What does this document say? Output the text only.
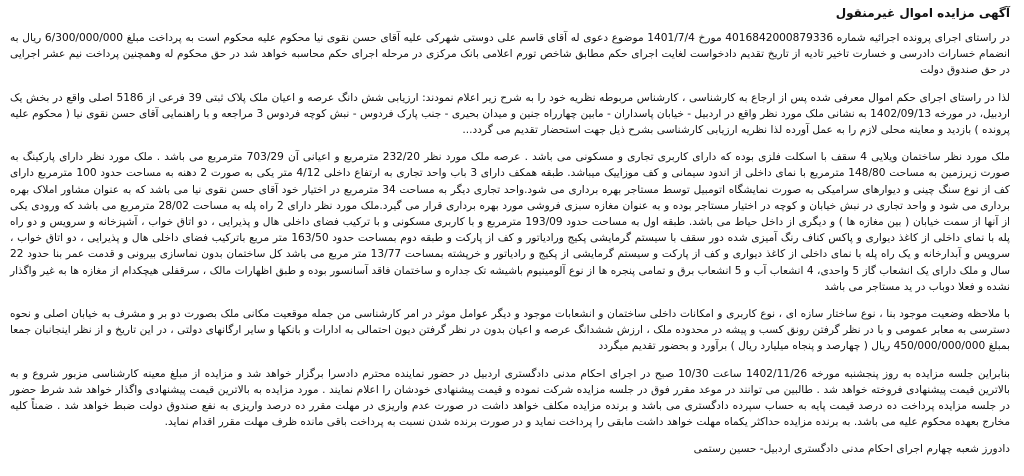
آگهی مزایده اموال غیرمنقول
در راستای اجرای پرونده اجرائیه شماره 4016842000879336 مورخ 1401/7/4 موضوع دعوی له آقای قاسم علی دوستی شهرکی علیه آقای حسن نقوی نیا محکوم علیه محکوم است به پرداخت مبلغ 6/300/000/000 ریال به انضمام خسارات دادرسی و خسارت تاخیر تادیه از تاریخ تقدیم دادخواست لغایت اجرای حکم مطابق شاخص تورم اعلامی بانک مرکزی در مرحله اجرای حکم محاسبه خواهد شد در حق محکوم له وهمچنین پرداخت نیم عشر اجرایی در حق صندوق دولت
لذا در راستای اجرای حکم اموال معرفی شده پس از ارجاع به کارشناسی ، کارشناس مربوطه نظریه خود را به شرح زیر اعلام نمودند: ارزیابی شش دانگ عرصه و اعیان ملک پلاک ثبتی 39 فرعی از 5186 اصلی واقع در بخش یک اردبیل، در مورخه 1402/09/13 به نشانی ملک مورد نظر واقع در اردبیل - خیابان پاسداران - مابین چهارراه جنین و میدان بحیری - جنب پارک فردوس - نبش کوچه فردوس 3 مراجعه و با راهنمایی آقای حسن نقوی نیا ( محکوم علیه پرونده ) بازدید و معاینه محلی لازم را به عمل آورده لذا نظریه ارزیابی کارشناسی بشرح ذیل جهت استحضار تقدیم می گردد...
ملک مورد نظر ساختمان ویلایی 4 سقف با اسکلت فلزی بوده که دارای کاربری تجاری و مسکونی می باشد . عرصه ملک مورد نظر 232/20 مترمربع و اعیانی آن 703/29 مترمربع می باشد . ملک مورد نظر دارای پارکینگ به صورت زیرزمین به مساحت 148/80 مترمربع با نمای داخلی از اندود سیمانی و کف موزاییک میباشد. طبقه همکف دارای 3 باب واحد تجاری به ارتفاع داخلی 4/12 متر یکی به صورت 2 دهنه به مساحت حدود 100 مترمربع دارای کف از نوع سنگ چینی و دیوارهای سرامیکی به صورت نمایشگاه اتومبیل توسط مستاجر بهره برداری می شود.واحد تجاری دیگر به مساحت 34 مترمربع در اختیار خود آقای حسن نقوی نیا می باشد که به عنوان مشاور املاک بهره برداری می شود و واحد تجاری در نبش خیابان و کوچه در اختیار مستاجر بوده و به عنوان مغازه سبزی فروشی مورد بهره برداری قرار می گیرد.ملک مورد نظر دارای 2 راه پله به مساحت 28/02 مترمربع می باشد که ورودی یکی از آنها از سمت خیابان ( بین مغازه ها ) و دیگری از داخل حیاط می باشد. طبقه اول به مساحت حدود 193/09 مترمربع و با کاربری مسکونی و با ترکیب فضای داخلی هال و پذیرایی ، دو اتاق خواب ، آشپزخانه و سرویس و دو راه پله با نمای داخلی از کاغذ دیواری و پاکس کناف رنگ آمیزی شده دور سقف با سیستم گرمایشی پکیج ورادیاتور و کف از پارکت و طبقه دوم بمساحت حدود 163/50 متر مربع باترکیب فضای داخلی هال و پذیرایی ، دو اتاق خواب ، سرویس و آبدارخانه و یک راه پله با نمای داخلی از کاغذ دیواری و کف از پارکت و سیستم گرمایشی از پکیج و رادیاتور و خرپشته بمساحت 13/77 متر مربع می باشد کل ساختمان بدون نماسازی بیرونی و قدمت عمر بنا حدود 22 سال و ملک دارای یک انشعاب گاز 5 واحدی، 4 انشعاب آب و 5 انشعاب برق و تمامی پنجره ها از نوع آلومینیوم باشیشه تک جداره و ساختمان فاقد آسانسور بوده و طبق اظهارات مالک ، سرقفلی هیچکدام از مغازه ها به غیر واگذار نشده و فعلا دوباب در ید مستاجر می باشد
با ملاحظه وضعیت موجود بنا ، نوع ساختار سازه ای ، نوع کاربری و امکانات داخلی ساختمان و انشعابات موجود و دیگر عوامل موثر در امر کارشناسی من جمله موقعیت مکانی ملک بصورت دو بر و مشرف به خیابان اصلی و نحوه دسترسی به معابر عمومی و با در نظر گرفتن رونق کسب و پیشه در محدوده ملک ، ارزش ششدانگ عرصه و اعیان بدون در نظر گرفتن دیون احتمالی به ادارات و بانکها و سایر ارگانهای دولتی ، در این تاریخ و از نظر اینجانبان جمعا بمبلغ 450/000/000/000 ریال ( چهارصد و پنجاه میلیارد ریال ) برآورد و بحضور تقدیم میگردد
بنابراین جلسه مزایده به روز پنجشنبه مورخه 1402/11/26 ساعت 10/30 صبح در اجرای احکام مدنی دادگستری اردبیل در حضور نماینده محترم دادسرا برگزار خواهد شد و مزایده از مبلغ معینه کارشناسی مزبور شروع و به بالاترین قیمت پیشنهادی فروخته خواهد شد . طالبین می توانند در موعد مقرر فوق در جلسه مزایده شرکت نموده و قیمت پیشنهادی خودشان را اعلام نمایند . مورد مزایده به بالاترین قیمت پیشنهادی واگذار خواهد شد شرط حضور در جلسه مزایده پرداخت ده درصد قیمت پایه به حساب سپرده دادگستری می باشد و برنده مزایده مکلف خواهد داشت در صورت عدم واریزی در مهلت مقرر ده درصد واریزی به نفع صندوق دولت ضبط خواهد شد . ضمناً کلیه مخارج بعهده محکوم علیه می باشد. به برنده مزایده حداکثر یکماه مهلت خواهد داشت مابقی را پرداخت نماید و در صورت برنده شدن نسبت به پرداخت باقی مانده ظرف مهلت مقرر اقدام نماید.
دادورز شعبه چهارم اجرای احکام مدنی دادگستری اردبیل- حسین رستمی
